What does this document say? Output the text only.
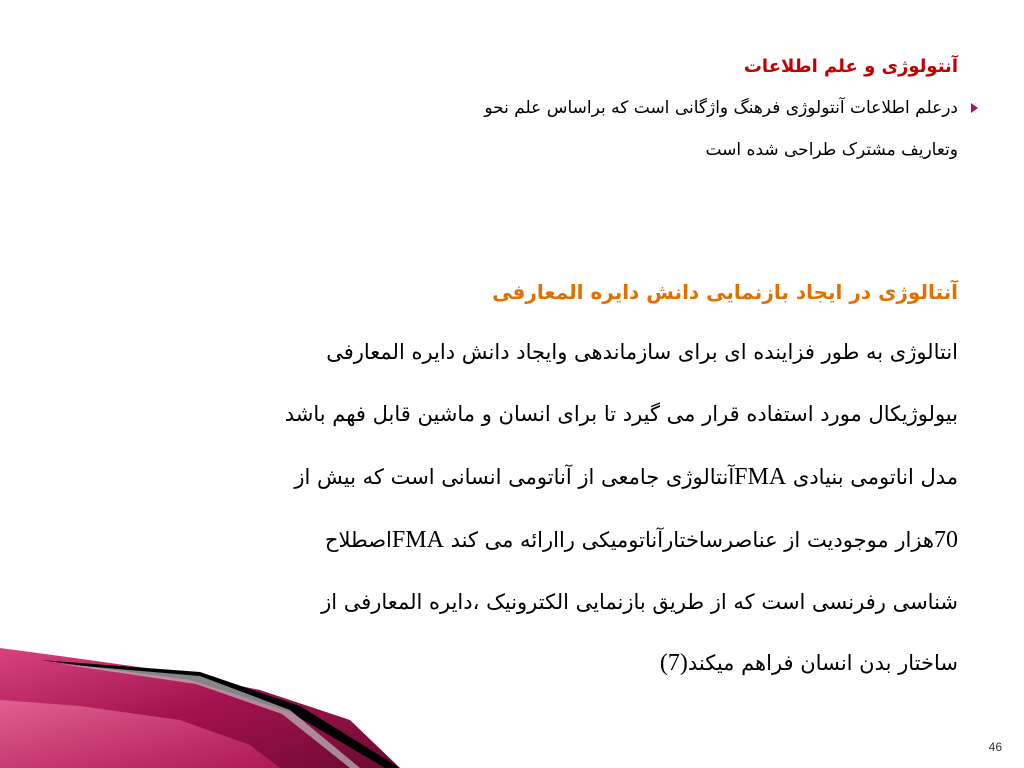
آنتولوژی و علم اطلاعات
درعلم اطلاعات آنتولوژی فرهنگ واژگانی است که براساس علم نحو
وتعاریف مشترک طراحی شده است
آنتالوژی در ایجاد بازنمایی دانش دایره المعارفی
انتالوژی به طور فزاینده ای برای سازماندهی وایجاد دانش دایره المعارفی
بیولوژیکال مورد استفاده قرار می گیرد تا برای انسان و ماشین قابل فهم باشد
مدل اناتومی بنیادی FMAآنتالوژی جامعی از آناتومی انسانی است که بیش از
70هزار موجودیت از عناصرساختارآناتومیکی راارائه می کند FMAاصطلاح
شناسی رفرنسی است که از طریق بازنمایی الکترونیک ،دایره المعارفی از
ساختار بدن انسان فراهم میکند(7)
46
